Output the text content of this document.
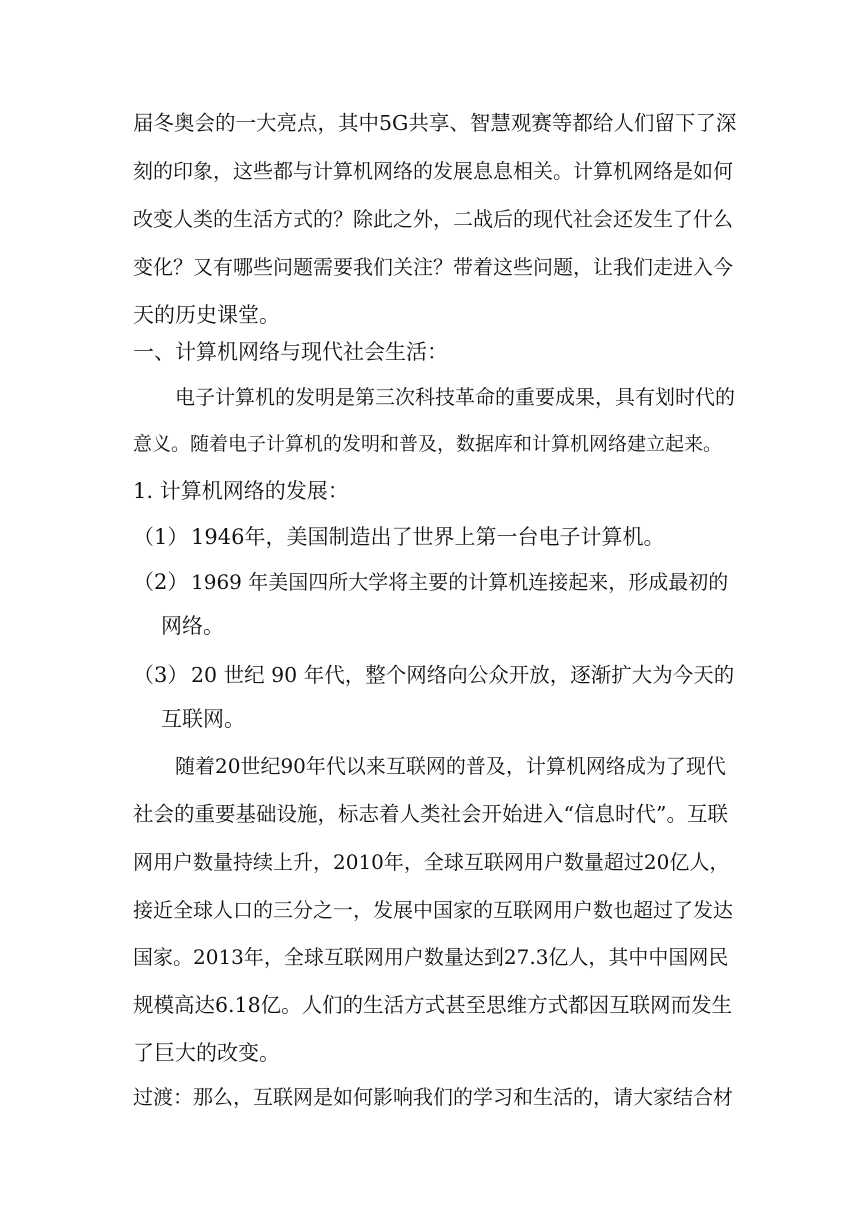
届冬奥会的一大亮点，其中5G共享、智慧观赛等都给人们留下了深
刻的印象，这些都与计算机网络的发展息息相关。计算机网络是如何
改变人类的生活方式的？除此之外，二战后的现代社会还发生了什么
变化？又有哪些问题需要我们关注？带着这些问题，让我们走进入今
天的历史课堂。
一、计算机网络与现代社会生活：
电子计算机的发明是第三次科技革命的重要成果，具有划时代的
意义。随着电子计算机的发明和普及，数据库和计算机网络建立起来。
1. 计算机网络的发展：
（1） 1946年，美国制造出了世界上第一台电子计算机。
（2） 1969 年美国四所大学将主要的计算机连接起来，形成最初的
网络。
（3） 20 世纪 90 年代，整个网络向公众开放，逐渐扩大为今天的
互联网。
随着20世纪90年代以来互联网的普及，计算机网络成为了现代
社会的重要基础设施，标志着人类社会开始进入“信息时代”。互联
网用户数量持续上升，2010年，全球互联网用户数量超过20亿人，
接近全球人口的三分之一，发展中国家的互联网用户数也超过了发达
国家。2013年，全球互联网用户数量达到27.3亿人，其中中国网民
规模高达6.18亿。人们的生活方式甚至思维方式都因互联网而发生
了巨大的改变。
过渡：那么，互联网是如何影响我们的学习和生活的，请大家结合材
